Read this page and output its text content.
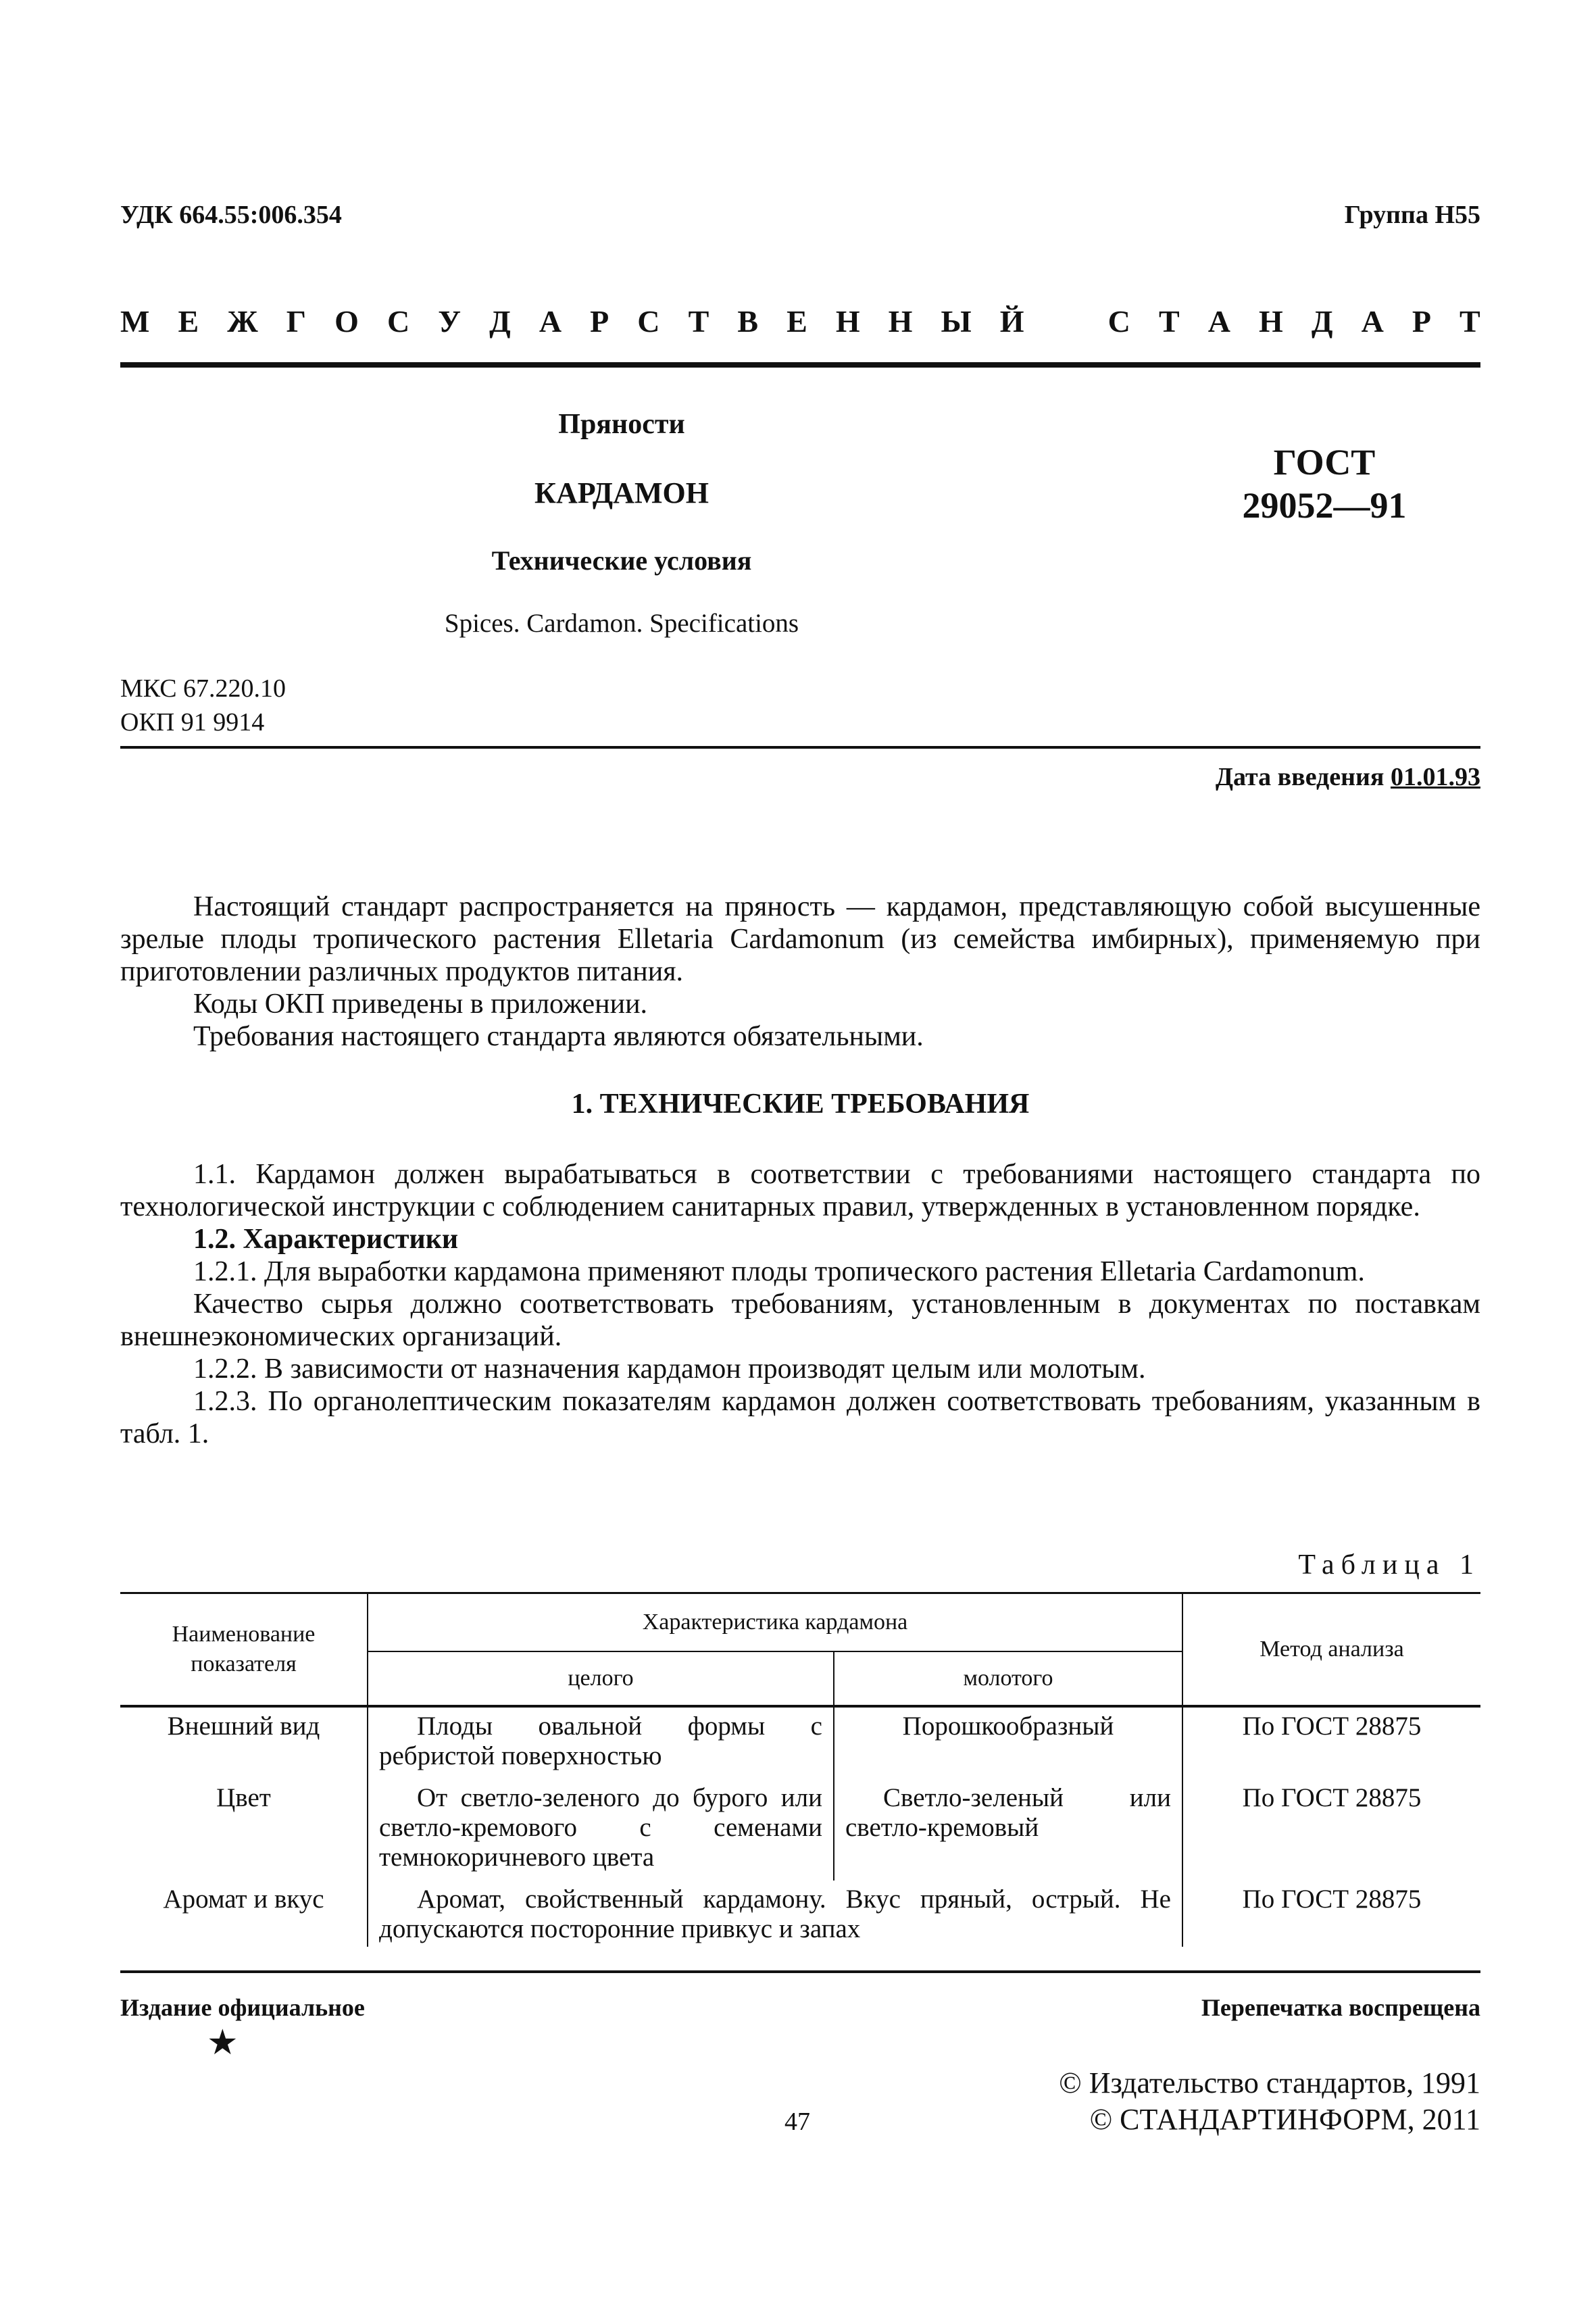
УДК 664.55:006.354	Группа Н55
М Е Ж Г О С У Д А Р С Т В Е Н Н Ы Й	С Т А Н Д А Р Т
Пряности
КАРДАМОН
Технические условия
Spices. Cardamon. Specifications
ГОСТ
29052—91
МКС 67.220.10
ОКП 91 9914
Дата введения 01.01.93

Настоящий стандарт распространяется на пряность — кардамон, представляющую собой высушенные зрелые плоды тропического растения Elletaria Cardamonum (из семейства имбирных), применяемую при приготовлении различных продуктов питания.

Коды ОКП приведены в приложении.

Требования настоящего стандарта являются обязательными.

1. ТЕХНИЧЕСКИЕ ТРЕБОВАНИЯ

1.1. Кардамон должен вырабатываться в соответствии с требованиями настоящего стандарта по технологической инструкции с соблюдением санитарных правил, утвержденных в установленном порядке.

1.2. Характеристики

1.2.1. Для выработки кардамона применяют плоды тропического растения Elletaria Cardamonum.

Качество сырья должно соответствовать требованиям, установленным в документах по поставкам внешнеэкономических организаций.

1.2.2. В зависимости от назначения кардамон производят целым или молотым.

1.2.3. По органолептическим показателям кардамон должен соответствовать требованиям, указанным в табл. 1.

Таблица 1
Наименование показателя	Характеристика кардамона		Метод анализа
	целого	молотого	
Внешний вид	Плоды овальной формы с ребристой поверхностью	Порошкообразный	По ГОСТ 28875
Цвет	От светло-зеленого до бурого или светло-кремового с семенами темнокоричневого цвета	Светло-зеленый или светло-кремовый	По ГОСТ 28875
Аромат и вкус	Аромат, свойственный кардамону. Вкус пряный, острый. Не допускаются посторонние привкус и запах		По ГОСТ 28875
Издание официальное	Перепечатка воспрещена
★
© Издательство стандартов, 1991
© СТАНДАРТИНФОРМ, 2011
47
